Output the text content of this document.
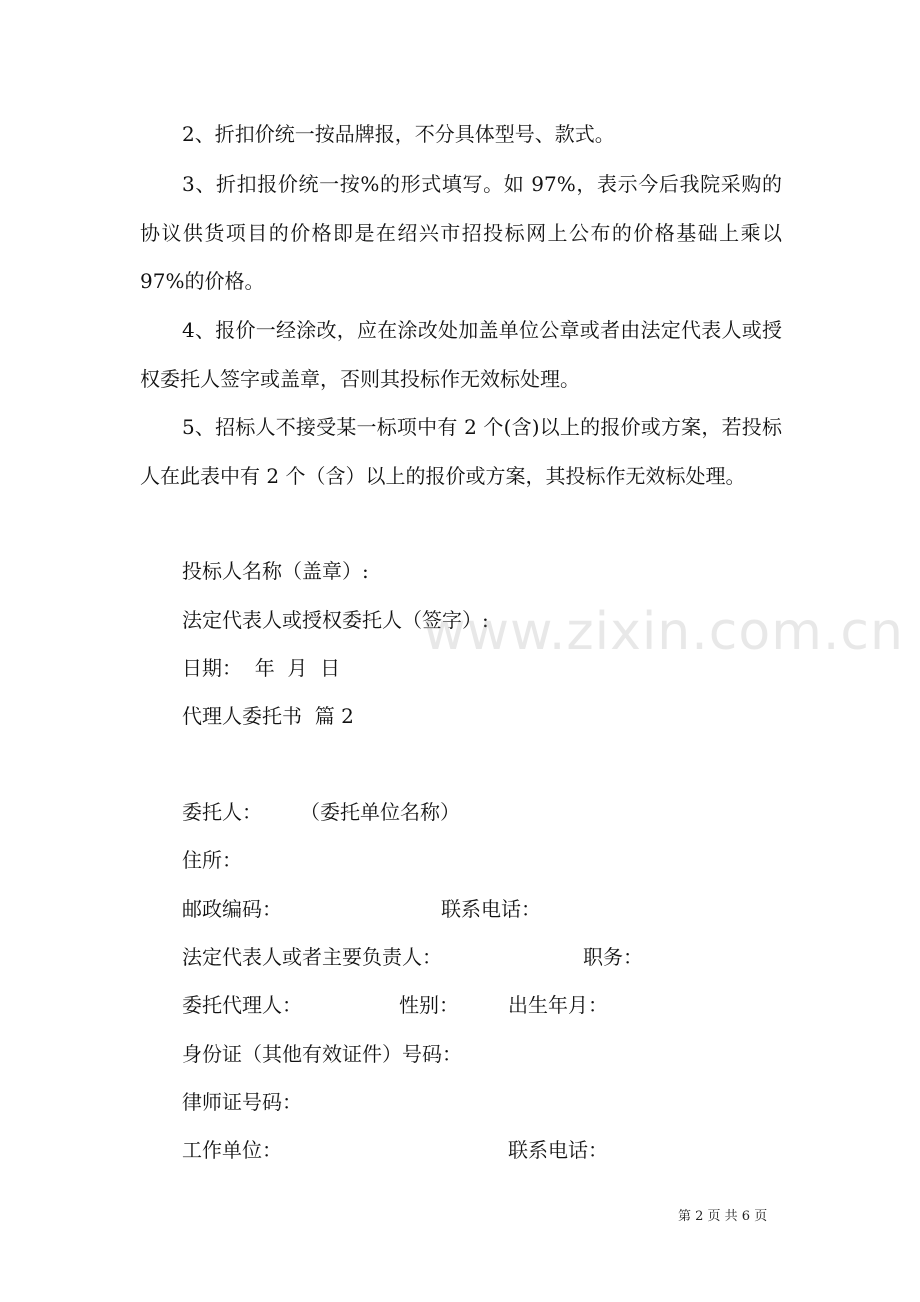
2、折扣价统一按品牌报，不分具体型号、款式。

3、折扣报价统一按%的形式填写。如 97%，表示今后我院采购的协议供货项目的价格即是在绍兴市招投标网上公布的价格基础上乘以 97%的价格。

4、报价一经涂改，应在涂改处加盖单位公章或者由法定代表人或授权委托人签字或盖章，否则其投标作无效标处理。

5、招标人不接受某一标项中有 2 个(含)以上的报价或方案，若投标人在此表中有 2 个（含）以上的报价或方案，其投标作无效标处理。

投标人名称（盖章）:

法定代表人或授权委托人（签字）:

日期：  年  月  日

代理人委托书  篇 2

委托人： （委托单位名称）

住所：

邮政编码：	联系电话：

法定代表人或者主要负责人：	职务：

委托代理人：	性别： 出生年月：

身份证（其他有效证件）号码：

律师证号码：

工作单位：	联系电话：

www.zixin.com.cn
第 2 页 共 6 页
